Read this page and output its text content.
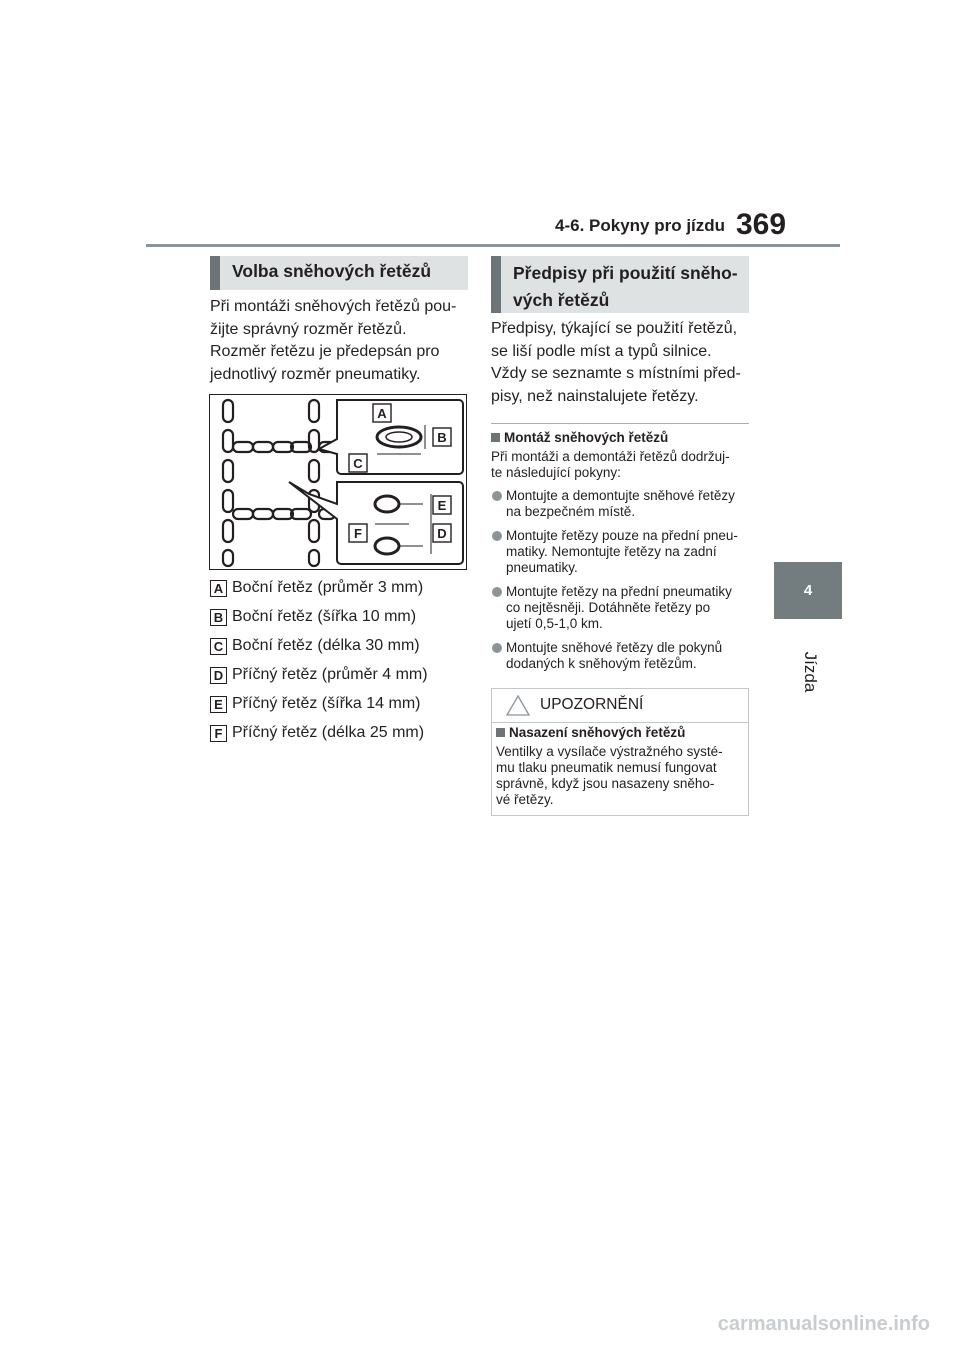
4-6. Pokyny pro jízdu 369
4
Jízda
Volba sněhových řetězů
Při montáži sněhových řetězů pou-
žijte správný rozměr řetězů.
Rozměr řetězu je předepsán pro
jednotlivý rozměr pneumatiky.
A
B
C
D
E
F
A Boční řetěz (průměr 3 mm)
B Boční řetěz (šířka 10 mm)
C Boční řetěz (délka 30 mm)
D Příčný řetěz (průměr 4 mm)
E Příčný řetěz (šířka 14 mm)
F Příčný řetěz (délka 25 mm)
Předpisy při použití sněho-
vých řetězů
Předpisy, týkající se použití řetězů,
se liší podle míst a typů silnice.
Vždy se seznamte s místními před-
pisy, než nainstalujete řetězy.
Montáž sněhových řetězů
Při montáži a demontáži řetězů dodržuj-
te následující pokyny:
Montujte a demontujte sněhové řetězy
na bezpečném místě.
Montujte řetězy pouze na přední pneu-
matiky. Nemontujte řetězy na zadní
pneumatiky.
Montujte řetězy na přední pneumatiky
co nejtěsněji. Dotáhněte řetězy po
ujetí 0,5-1,0 km.
Montujte sněhové řetězy dle pokynů
dodaných k sněhovým řetězům.
UPOZORNĚNÍ
Nasazení sněhových řetězů
Ventilky a vysílače výstražného systé-
mu tlaku pneumatik nemusí fungovat
správně, když jsou nasazeny sněho-
vé řetězy.
carmanualsonline.info
